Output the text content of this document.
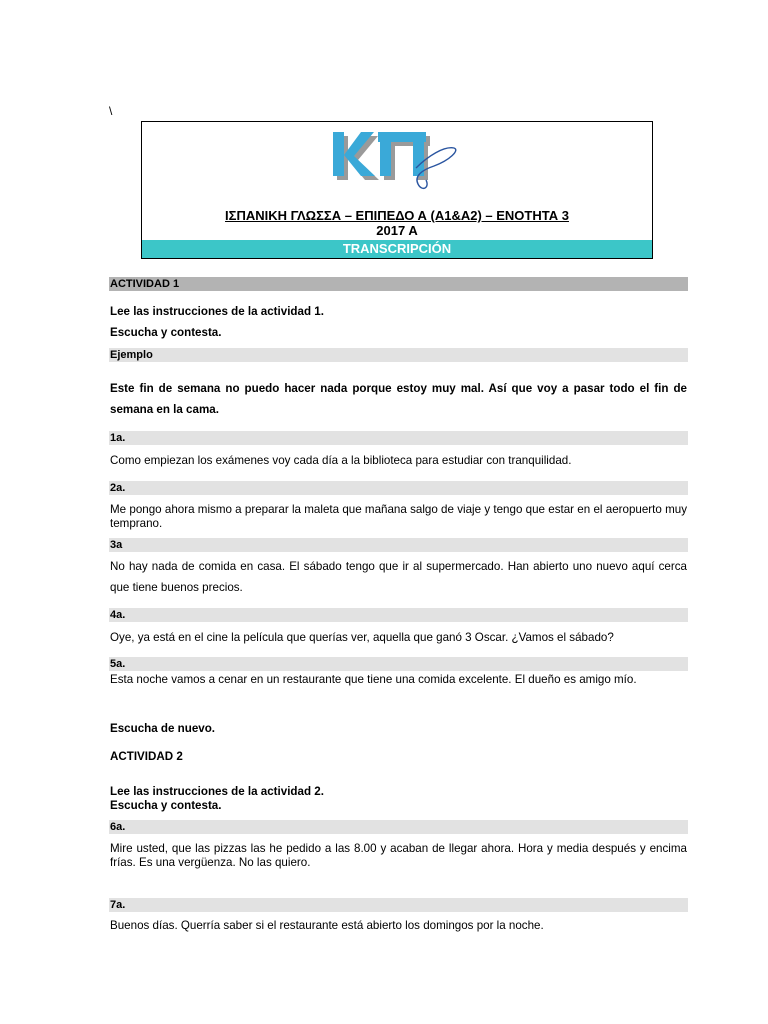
\
ΙΣΠΑΝΙΚΗ ΓΛΩΣΣΑ – ΕΠΙΠΕΔΟ Α (Α1&Α2) – ΕΝΟΤΗΤΑ 3
2017 Α
TRANSCRIPCIÓN
ACTIVIDAD 1
Lee las instrucciones de la actividad 1.
Escucha y contesta.
Ejemplo
Este fin de semana no puedo hacer nada porque estoy muy mal. Así que voy a pasar todo el fin de semana en la cama.
1a.
Como empiezan los exámenes voy cada día a la biblioteca para estudiar con tranquilidad.
2a.
Me pongo ahora mismo a preparar la maleta que mañana salgo de viaje y tengo que estar en el aeropuerto muy temprano.
3a
No hay nada de comida en casa. El sábado tengo que ir al supermercado. Han abierto uno nuevo aquí cerca que tiene buenos precios.
4a.
Oye, ya está en el cine la película que querías ver, aquella que ganó 3 Oscar. ¿Vamos el sábado?
5a.
Esta noche vamos a cenar en un restaurante que tiene una comida excelente. El dueño es amigo mío.
Escucha de nuevo.
ACTIVIDAD 2
Lee las instrucciones de la actividad 2.
Escucha y contesta.
6a.
Mire usted, que las pizzas las he pedido a las 8.00 y acaban de llegar ahora. Hora y media después y encima frías. Es una vergüenza. No las quiero.
7a.
Buenos días. Querría saber si el restaurante está abierto los domingos por la noche.
